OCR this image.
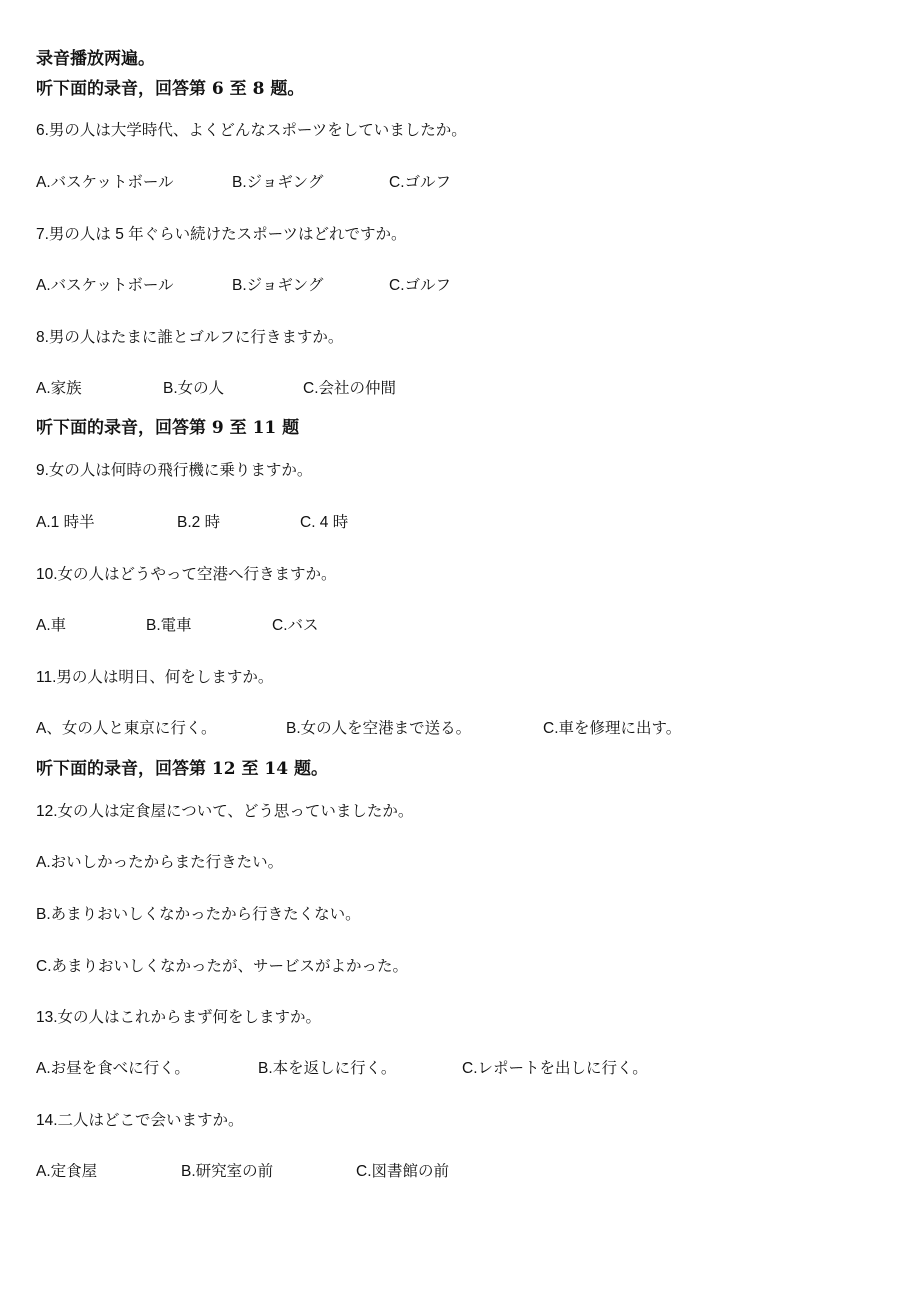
录音播放两遍。
听下面的录音，回答第 6 至 8 题。
6.男の人は大学時代、よくどんなスポーツをしていましたか。
A.バスケットボール	B.ジョギング	C.ゴルフ
7.男の人は 5 年ぐらい続けたスポーツはどれですか。
A.バスケットボール	B.ジョギング	C.ゴルフ
8.男の人はたまに誰とゴルフに行きますか。
A.家族	B.女の人	C.会社の仲間
听下面的录音，回答第 9 至 11 题
9.女の人は何時の飛行機に乗りますか。
A.1 時半	B.2 時	C. 4 時
10.女の人はどうやって空港へ行きますか。
A.車	B.電車	C.バス
11.男の人は明日、何をしますか。
A、女の人と東京に行く。	B.女の人を空港まで送る。	C.車を修理に出す。
听下面的录音，回答第 12 至 14 题。
12.女の人は定食屋について、どう思っていましたか。
A.おいしかったからまた行きたい。
B.あまりおいしくなかったから行きたくない。
C.あまりおいしくなかったが、サービスがよかった。
13.女の人はこれからまず何をしますか。
A.お昼を食べに行く。	B.本を返しに行く。	C.レポートを出しに行く。
14.二人はどこで会いますか。
A.定食屋	B.研究室の前	C.図書館の前
